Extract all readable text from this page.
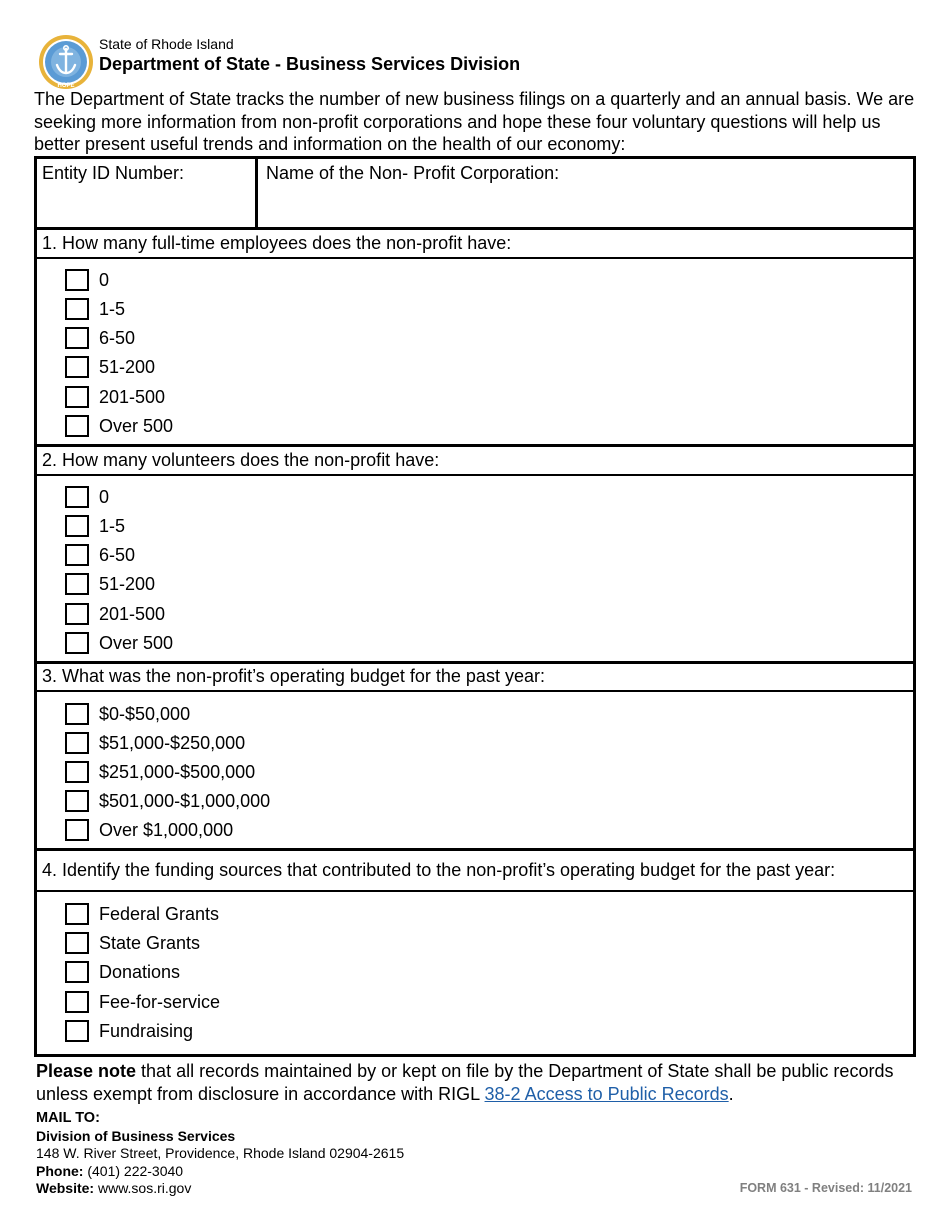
HOPE
State of Rhode Island
Department of State - Business Services Division
The Department of State tracks the number of new business filings on a quarterly and an annual basis. We are seeking more information from non-profit corporations and hope these four voluntary questions will help us better present useful trends and information on the health of our economy:
Entity ID Number:	Name of the Non- Profit Corporation:
1. How many full-time employees does the non-profit have:
0
1-5
6-50
51-200
201-500
Over 500
2. How many volunteers does the non-profit have:
0
1-5
6-50
51-200
201-500
Over 500
3. What was the non-profit’s operating budget for the past year:
$0-$50,000
$51,000-$250,000
$251,000-$500,000
$501,000-$1,000,000
Over $1,000,000
4. Identify the funding sources that contributed to the non-profit’s operating budget for the past year:
Federal Grants
State Grants
Donations
Fee-for-service
Fundraising
Please note that all records maintained by or kept on file by the Department of State shall be public records unless exempt from disclosure in accordance with RIGL 38-2 Access to Public Records.
MAIL TO:
Division of Business Services
148 W. River Street, Providence, Rhode Island 02904-2615
Phone: (401) 222-3040
Website: www.sos.ri.gov	FORM 631 - Revised: 11/2021
